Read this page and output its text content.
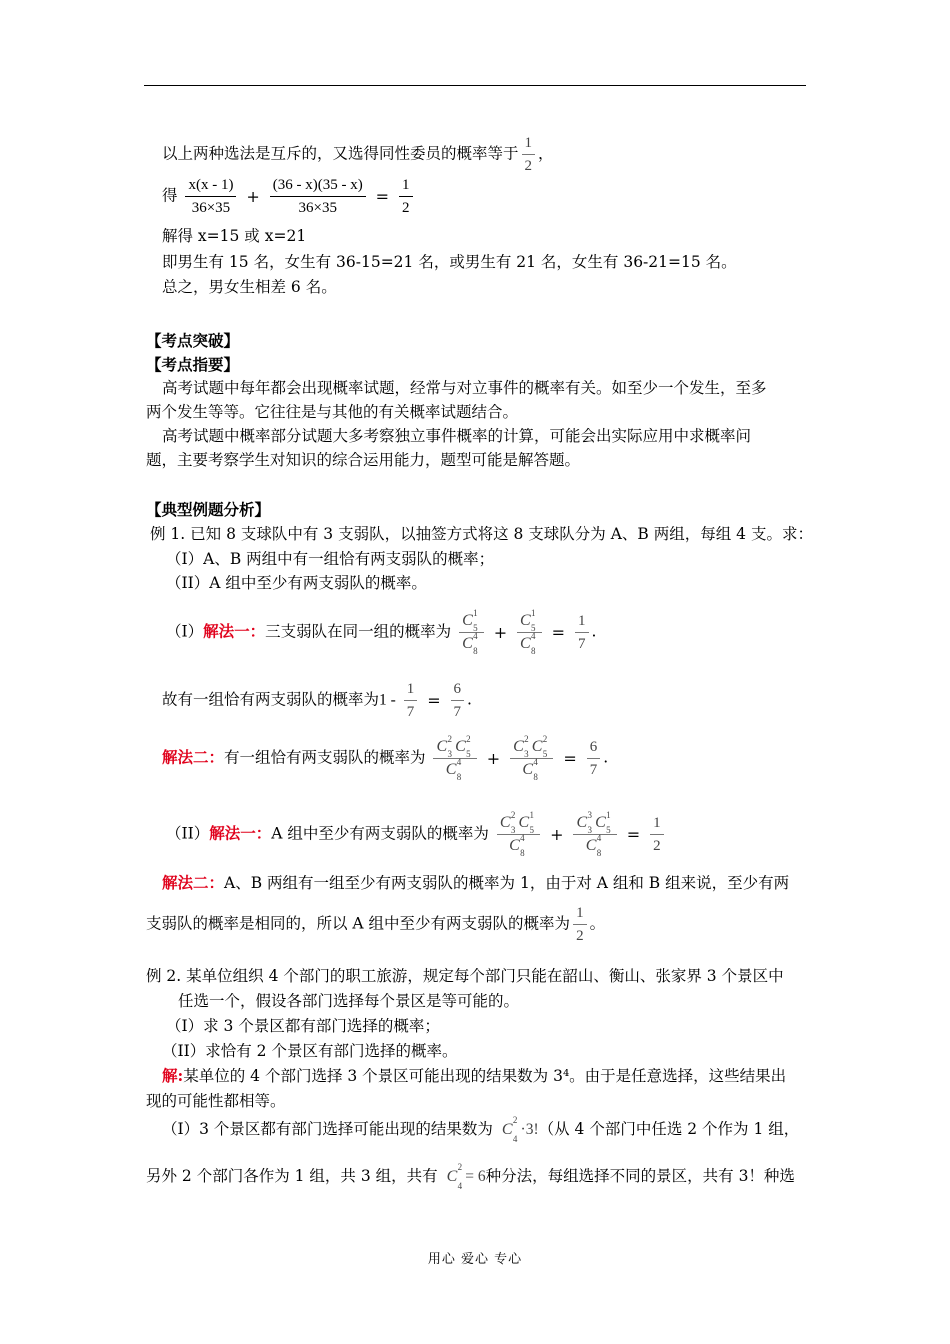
以上两种选法是互斥的，又选得同性委员的概率等于 $\frac{1}{2}$ ，
得 $\frac{x(x - 1)}{36\times 35} + \frac{(36 - x)(35 - x)}{36\times 35} = \frac{1}{2}$
解得 x=15 或 x=21
即男生有 15 名，女生有 36-15=21 名，或男生有 21 名，女生有 36-21=15 名。
总之，男女生相差 6 名。
【考点突破】
【考点指要】
高考试题中每年都会出现概率试题，经常与对立事件的概率有关。如至少一个发生，至多
两个发生等等。它往往是与其他的有关概率试题结合。
高考试题中概率部分试题大多考察独立事件概率的计算，可能会出实际应用中求概率问
题，主要考察学生对知识的综合运用能力，题型可能是解答题。
【典型例题分析】
例 1. 已知 8 支球队中有 3 支弱队，以抽签方式将这 8 支球队分为 A、B 两组，每组 4 支。求：
（I）A、B 两组中有一组恰有两支弱队的概率；
（II）A 组中至少有两支弱队的概率。
（I）解法一：三支弱队在同一组的概率为 C 1
5
C 4
8 + C 1
5
C 4
$8 = \frac{1}{7}$ .
故有一组恰有两支弱队的概率为$1 - \frac{1}{7} = \frac{6}{7}$ .
解法二：有一组恰有两支弱队的概率为 C 2
3 C 2
5
C 4
8 + C 2
3 C 2
5
C 4
$8 = \frac{6}{7}$ .
（II）解法一：A 组中至少有两支弱队的概率为 C 2
3 C 1
5
C 4
8 + C 3
3 C 1
5
C 4
$8 = \frac{1}{2}$
解法二：A、B 两组有一组至少有两支弱队的概率为 1，由于对 A 组和 B 组来说，至少有两
支弱队的概率是相同的，所以 A 组中至少有两支弱队的概率为 $\frac{1}{2}$ 。
例 2. 某单位组织 4 个部门的职工旅游，规定每个部门只能在韶山、衡山、张家界 3 个景区中
任选一个，假设各部门选择每个景区是等可能的。
（I）求 3 个景区都有部门选择的概率；
（II）求恰有 2 个景区有部门选择的概率。
解:某单位的 4 个部门选择 3 个景区可能出现的结果数为 3⁴。由于是任意选择，这些结果出
现的可能性都相等。
（I）3 个景区都有部门选择可能出现的结果数为 C
2
4
·3!（从 4 个部门中任选 2 个作为 1 组，
另外 2 个部门各作为 1 组，共 3 组，共有 C
2
4
= 6种分法，每组选择不同的景区，共有 3！种选
用心 爱心 专心
